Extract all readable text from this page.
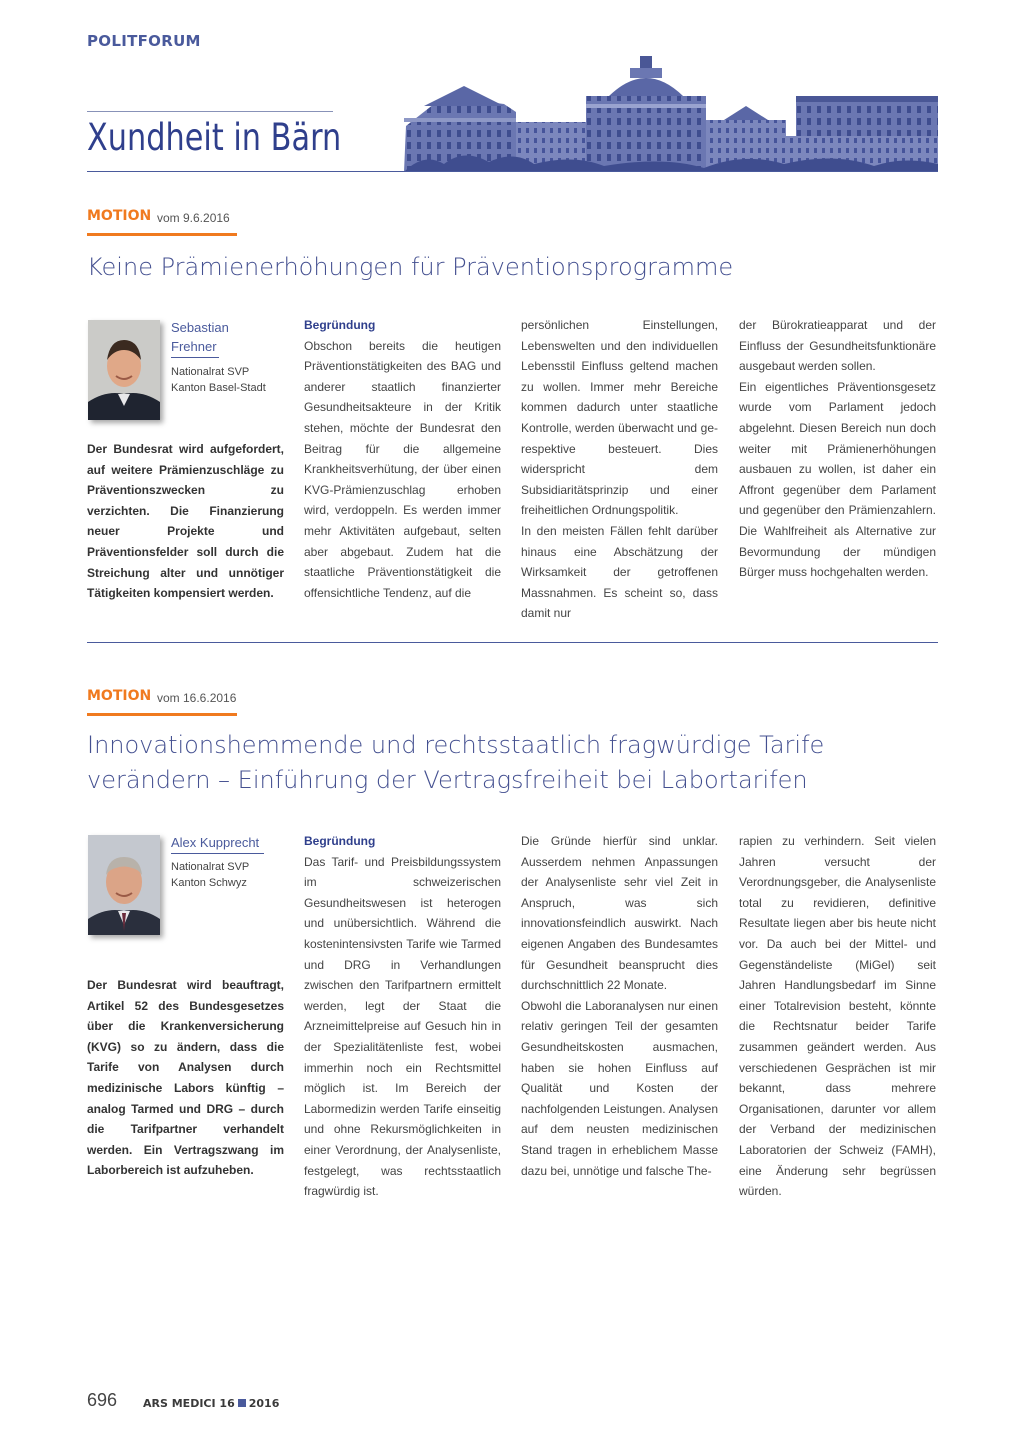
POLITFORUM
Xundheit in Bärn
MOTION vom 9.6.2016
Keine Prämienerhöhungen für Präventionsprogramme
Sebastian
Frehner
Nationalrat SVP
Kanton Basel-Stadt
Der Bundesrat wird aufgefordert, auf weitere Prämienzuschläge zu Präventionszwecken zu verzichten. Die Finanzierung neuer Projekte und Präventionsfelder soll durch die Streichung alter und unnötiger Tätigkeiten kompensiert werden.
Begründung

Obschon bereits die heutigen Präventionstätigkeiten des BAG und anderer staatlich finanzierter Gesundheitsakteure in der Kritik stehen, möchte der Bundesrat den Beitrag für die allgemeine Krankheitsverhütung, der über einen KVG-Prämienzuschlag erhoben wird, verdoppeln. Es werden immer mehr Aktivitäten aufgebaut, selten aber abgebaut. Zudem hat die staatliche Präventionstätigkeit die offensichtliche Tendenz, auf die
persönlichen Einstellungen, Lebenswelten und den individuellen Lebensstil Einfluss geltend machen zu wollen. Immer mehr Bereiche kommen dadurch unter staatliche Kontrolle, werden überwacht und ge- respektive besteuert. Dies widerspricht dem Subsidiaritätsprinzip und einer freiheitlichen Ordnungspolitik.
In den meisten Fällen fehlt darüber hinaus eine Abschätzung der Wirksamkeit der getroffenen Massnahmen. Es scheint so, dass damit nur
der Bürokratieapparat und der Einfluss der Gesundheitsfunktionäre ausgebaut werden sollen.
Ein eigentliches Präventionsgesetz wurde vom Parlament jedoch abgelehnt. Diesen Bereich nun doch weiter mit Prämienerhöhungen ausbauen zu wollen, ist daher ein Affront gegenüber dem Parlament und gegenüber den Prämienzahlern. Die Wahlfreiheit als Alternative zur Bevormundung der mündigen Bürger muss hochgehalten werden.
MOTION vom 16.6.2016
Innovationshemmende und rechtsstaatlich fragwürdige Tarife
verändern – Einführung der Vertragsfreiheit bei Labortarifen
Alex Kupprecht
Nationalrat SVP
Kanton Schwyz
Der Bundesrat wird beauftragt, Artikel 52 des Bundesgesetzes über die Krankenversicherung (KVG) so zu ändern, dass die Tarife von Analysen durch medizinische Labors künftig – analog Tarmed und DRG – durch die Tarifpartner verhandelt werden. Ein Vertragszwang im Laborbereich ist aufzuheben.
Begründung

Das Tarif- und Preisbildungssystem im schweizerischen Gesundheitswesen ist heterogen und unübersichtlich. Während die kostenintensivsten Tarife wie Tarmed und DRG in Verhandlungen zwischen den Tarifpartnern ermittelt werden, legt der Staat die Arzneimittelpreise auf Gesuch hin in der Spezialitätenliste fest, wobei immerhin noch ein Rechtsmittel möglich ist. Im Bereich der Labormedizin werden Tarife einseitig und ohne Rekursmöglichkeiten in einer Verordnung, der Analysenliste, festgelegt, was rechtsstaatlich fragwürdig ist.
Die Gründe hierfür sind unklar. Ausserdem nehmen Anpassungen der Analysenliste sehr viel Zeit in Anspruch, was sich innovationsfeindlich auswirkt. Nach eigenen Angaben des Bundesamtes für Gesundheit beansprucht dies durchschnittlich 22 Monate.
Obwohl die Laboranalysen nur einen relativ geringen Teil der gesamten Gesundheitskosten ausmachen, haben sie hohen Einfluss auf Qualität und Kosten der nachfolgenden Leistungen. Analysen auf dem neusten medizinischen Stand tragen in erheblichem Masse dazu bei, unnötige und falsche The-
rapien zu verhindern. Seit vielen Jahren versucht der Verordnungsgeber, die Analysenliste total zu revidieren, definitive Resultate liegen aber bis heute nicht vor. Da auch bei der Mittel- und Gegenständeliste (MiGel) seit Jahren Handlungsbedarf im Sinne einer Totalrevision besteht, könnte die Rechtsnatur beider Tarife zusammen geändert werden. Aus verschiedenen Gesprächen ist mir bekannt, dass mehrere Organisationen, darunter vor allem der Verband der medizinischen Laboratorien der Schweiz (FAMH), eine Änderung sehr begrüssen würden.
696 ARS MEDICI 16 2016
